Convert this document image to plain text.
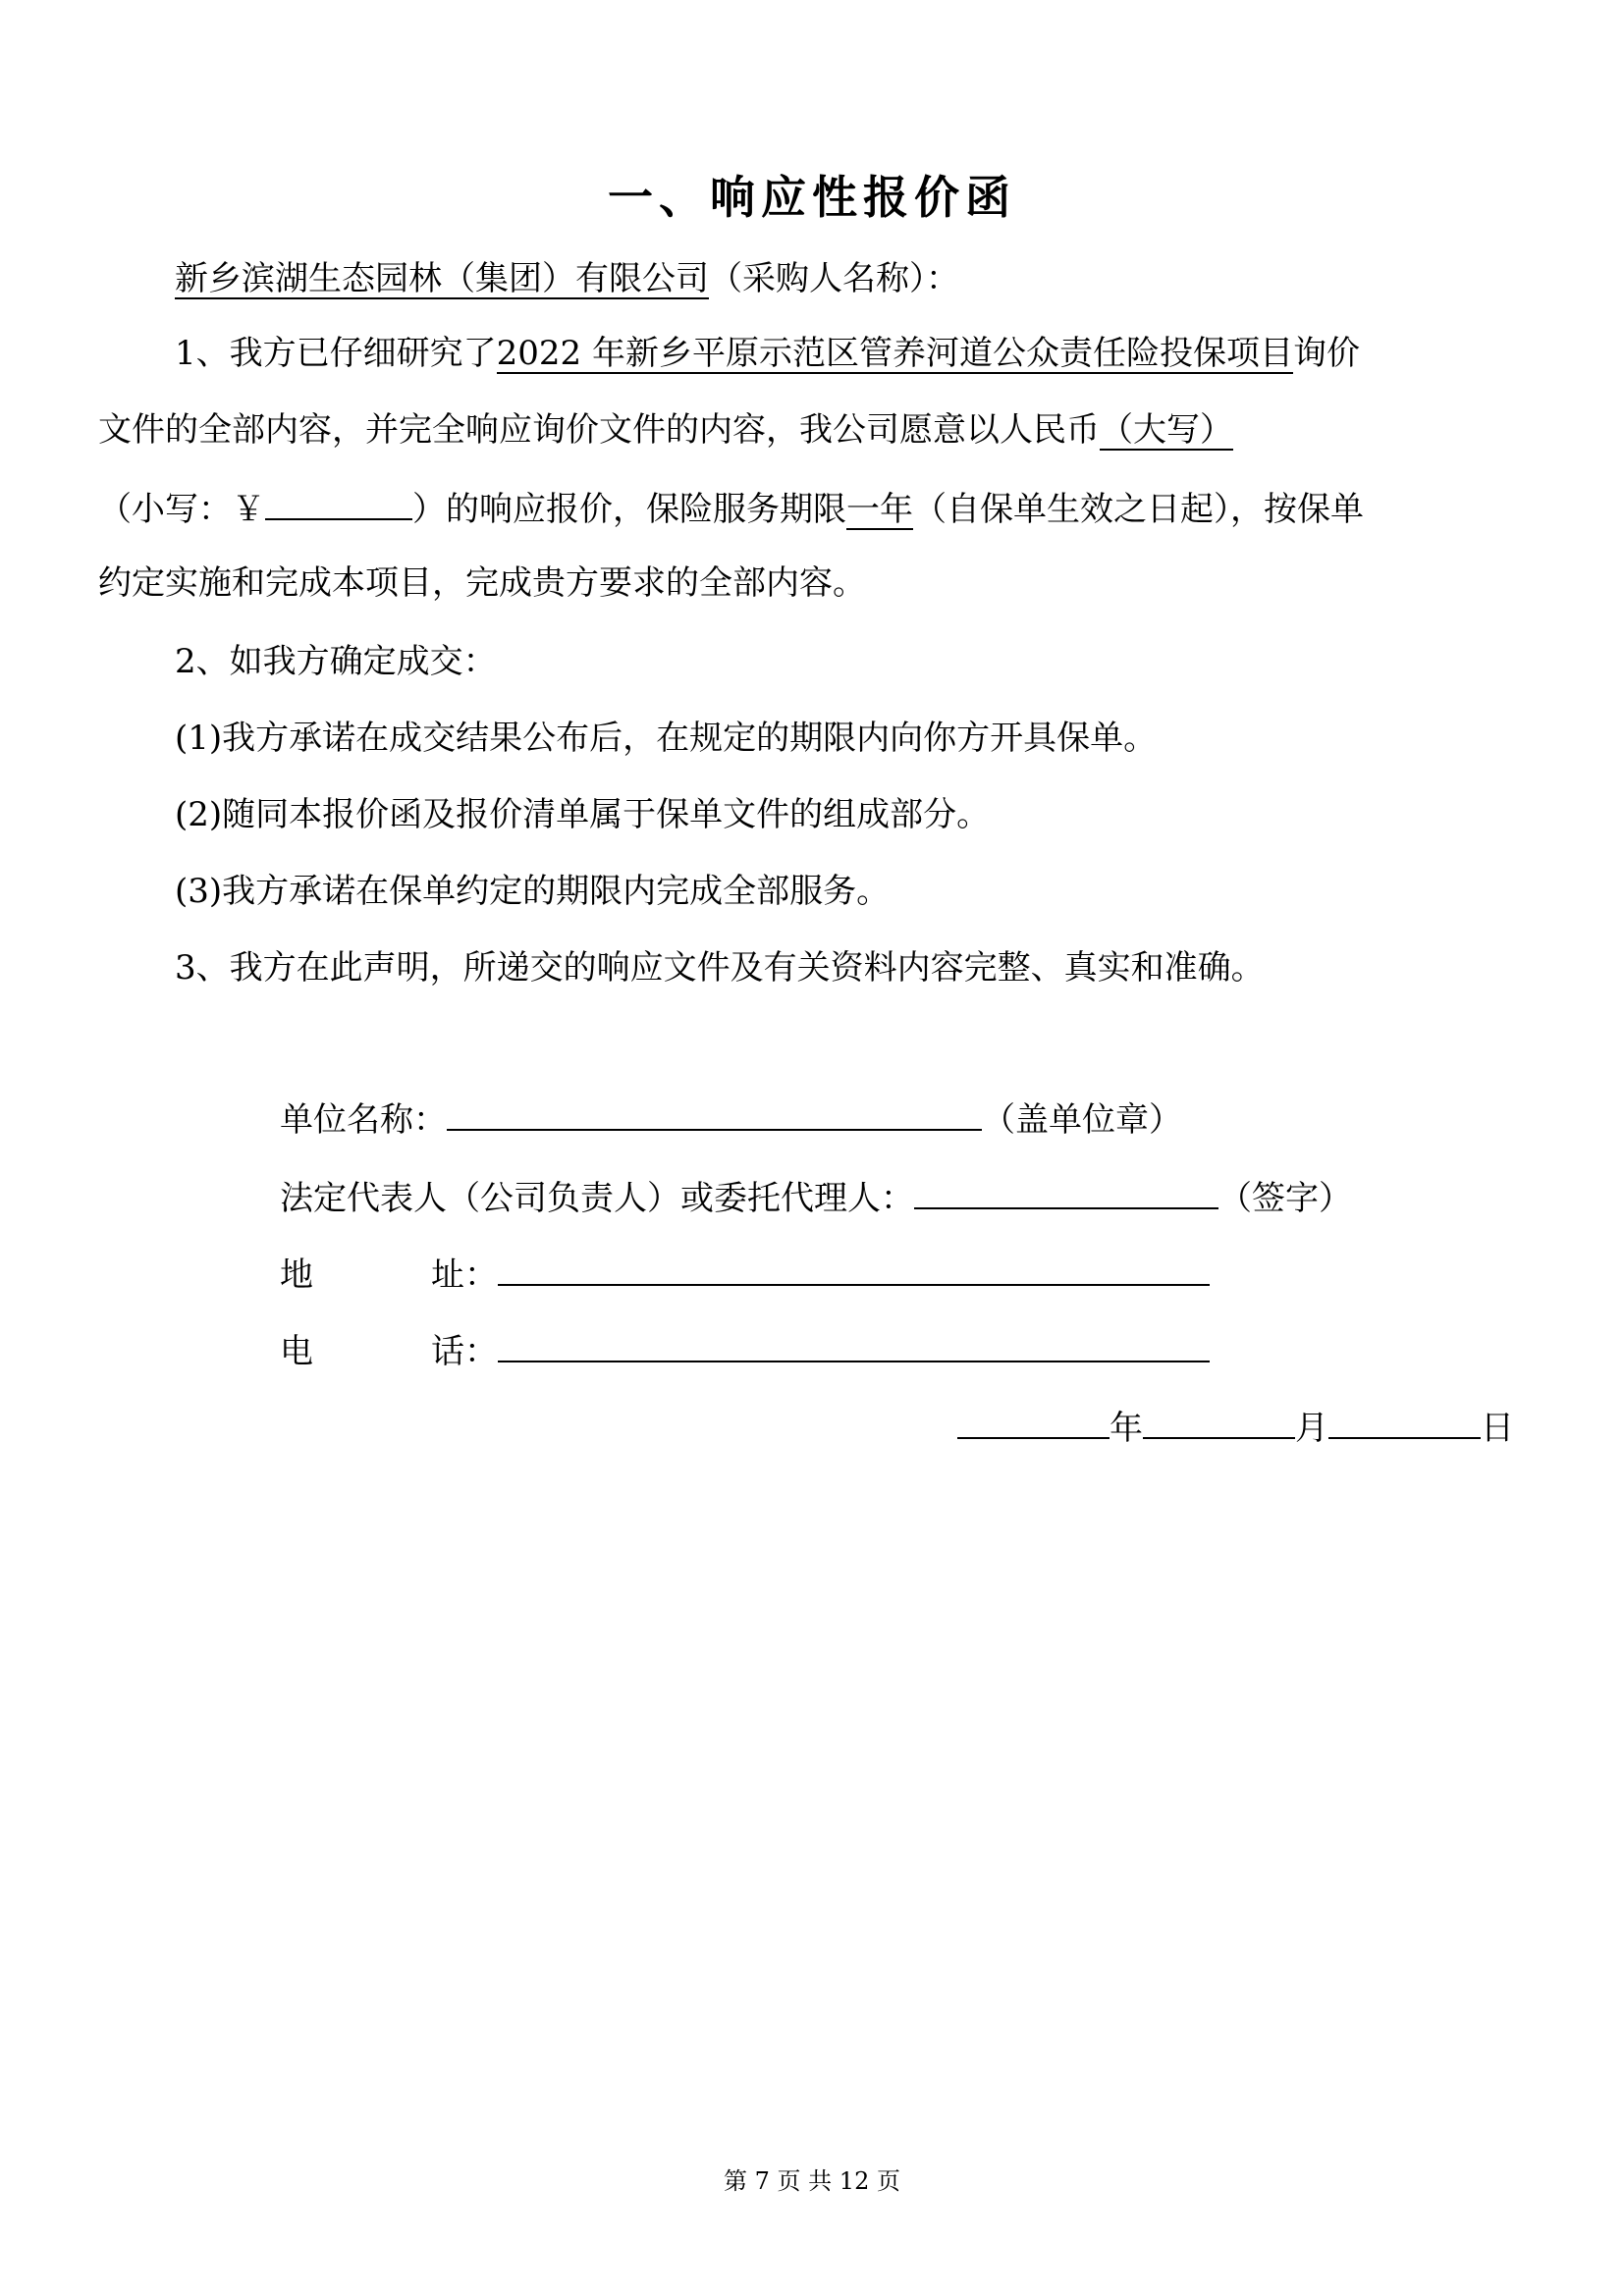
一、响应性报价函
新乡滨湖生态园林（集团）有限公司（采购人名称）：
1、我方已仔细研究了2022 年新乡平原示范区管养河道公众责任险投保项目询价
文件的全部内容，并完全响应询价文件的内容，我公司愿意以人民币（大写）
（小写：￥	）的响应报价，保险服务期限一年（自保单生效之日起），按保单
约定实施和完成本项目，完成贵方要求的全部内容。
2、如我方确定成交：
(1)我方承诺在成交结果公布后，在规定的期限内向你方开具保单。
(2)随同本报价函及报价清单属于保单文件的组成部分。
(3)我方承诺在保单约定的期限内完成全部服务。
3、我方在此声明，所递交的响应文件及有关资料内容完整、真实和准确。
单位名称：	（盖单位章）
法定代表人（公司负责人）或委托代理人：	（签字）
地	址：
电	话：
年	月	日
第 7 页 共 12 页
